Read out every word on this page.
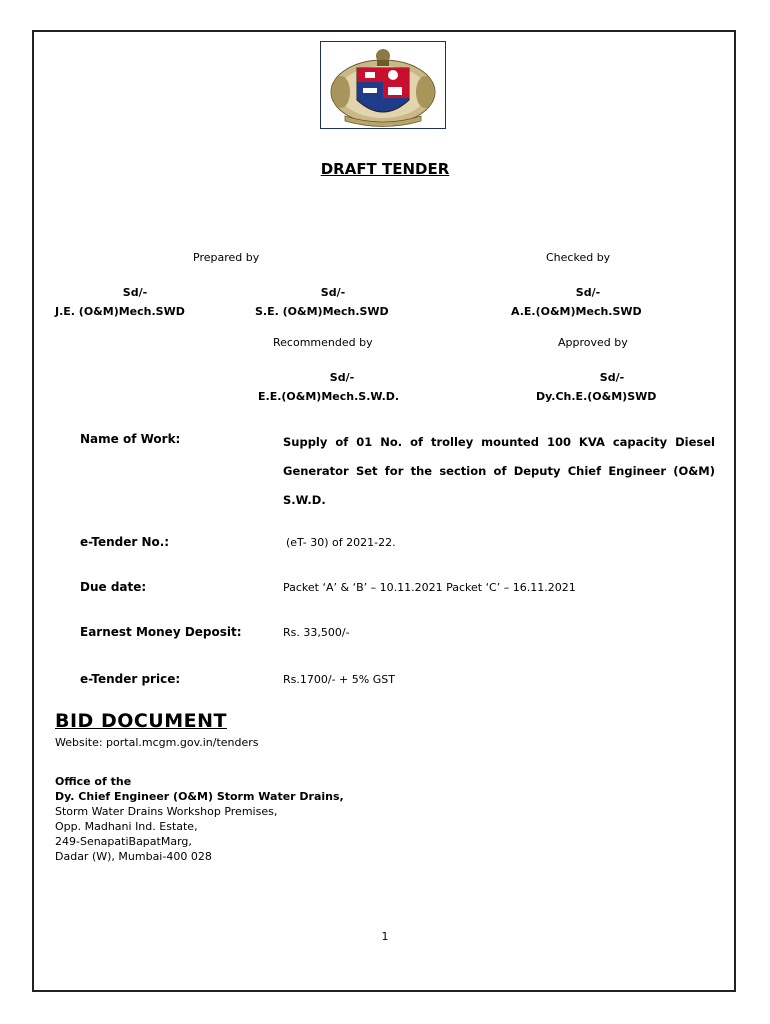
DRAFT TENDER
Prepared by	Checked by
Sd/-	Sd/-	Sd/-
J.E. (O&M)Mech.SWD	S.E. (O&M)Mech.SWD	A.E.(O&M)Mech.SWD
Recommended by	Approved by
Sd/-	Sd/-
E.E.(O&M)Mech.S.W.D.	Dy.Ch.E.(O&M)SWD
Name of Work:	Supply of 01 No. of trolley mounted 100 KVA capacity Diesel Generator Set for the section of Deputy Chief Engineer (O&M) S.W.D.
e-Tender No.:	(eT- 30) of 2021-22.
Due date:	Packet ‘A’ & ‘B’ – 10.11.2021 Packet ‘C’ – 16.11.2021
Earnest Money Deposit:	Rs. 33,500/-
e-Tender price:	Rs.1700/- + 5% GST
BID DOCUMENT
Website: portal.mcgm.gov.in/tenders
Office of the
Dy. Chief Engineer (O&M) Storm Water Drains,
Storm Water Drains Workshop Premises,
Opp. Madhani Ind. Estate,
249-SenapatiBapatMarg,
Dadar (W), Mumbai-400 028
1
